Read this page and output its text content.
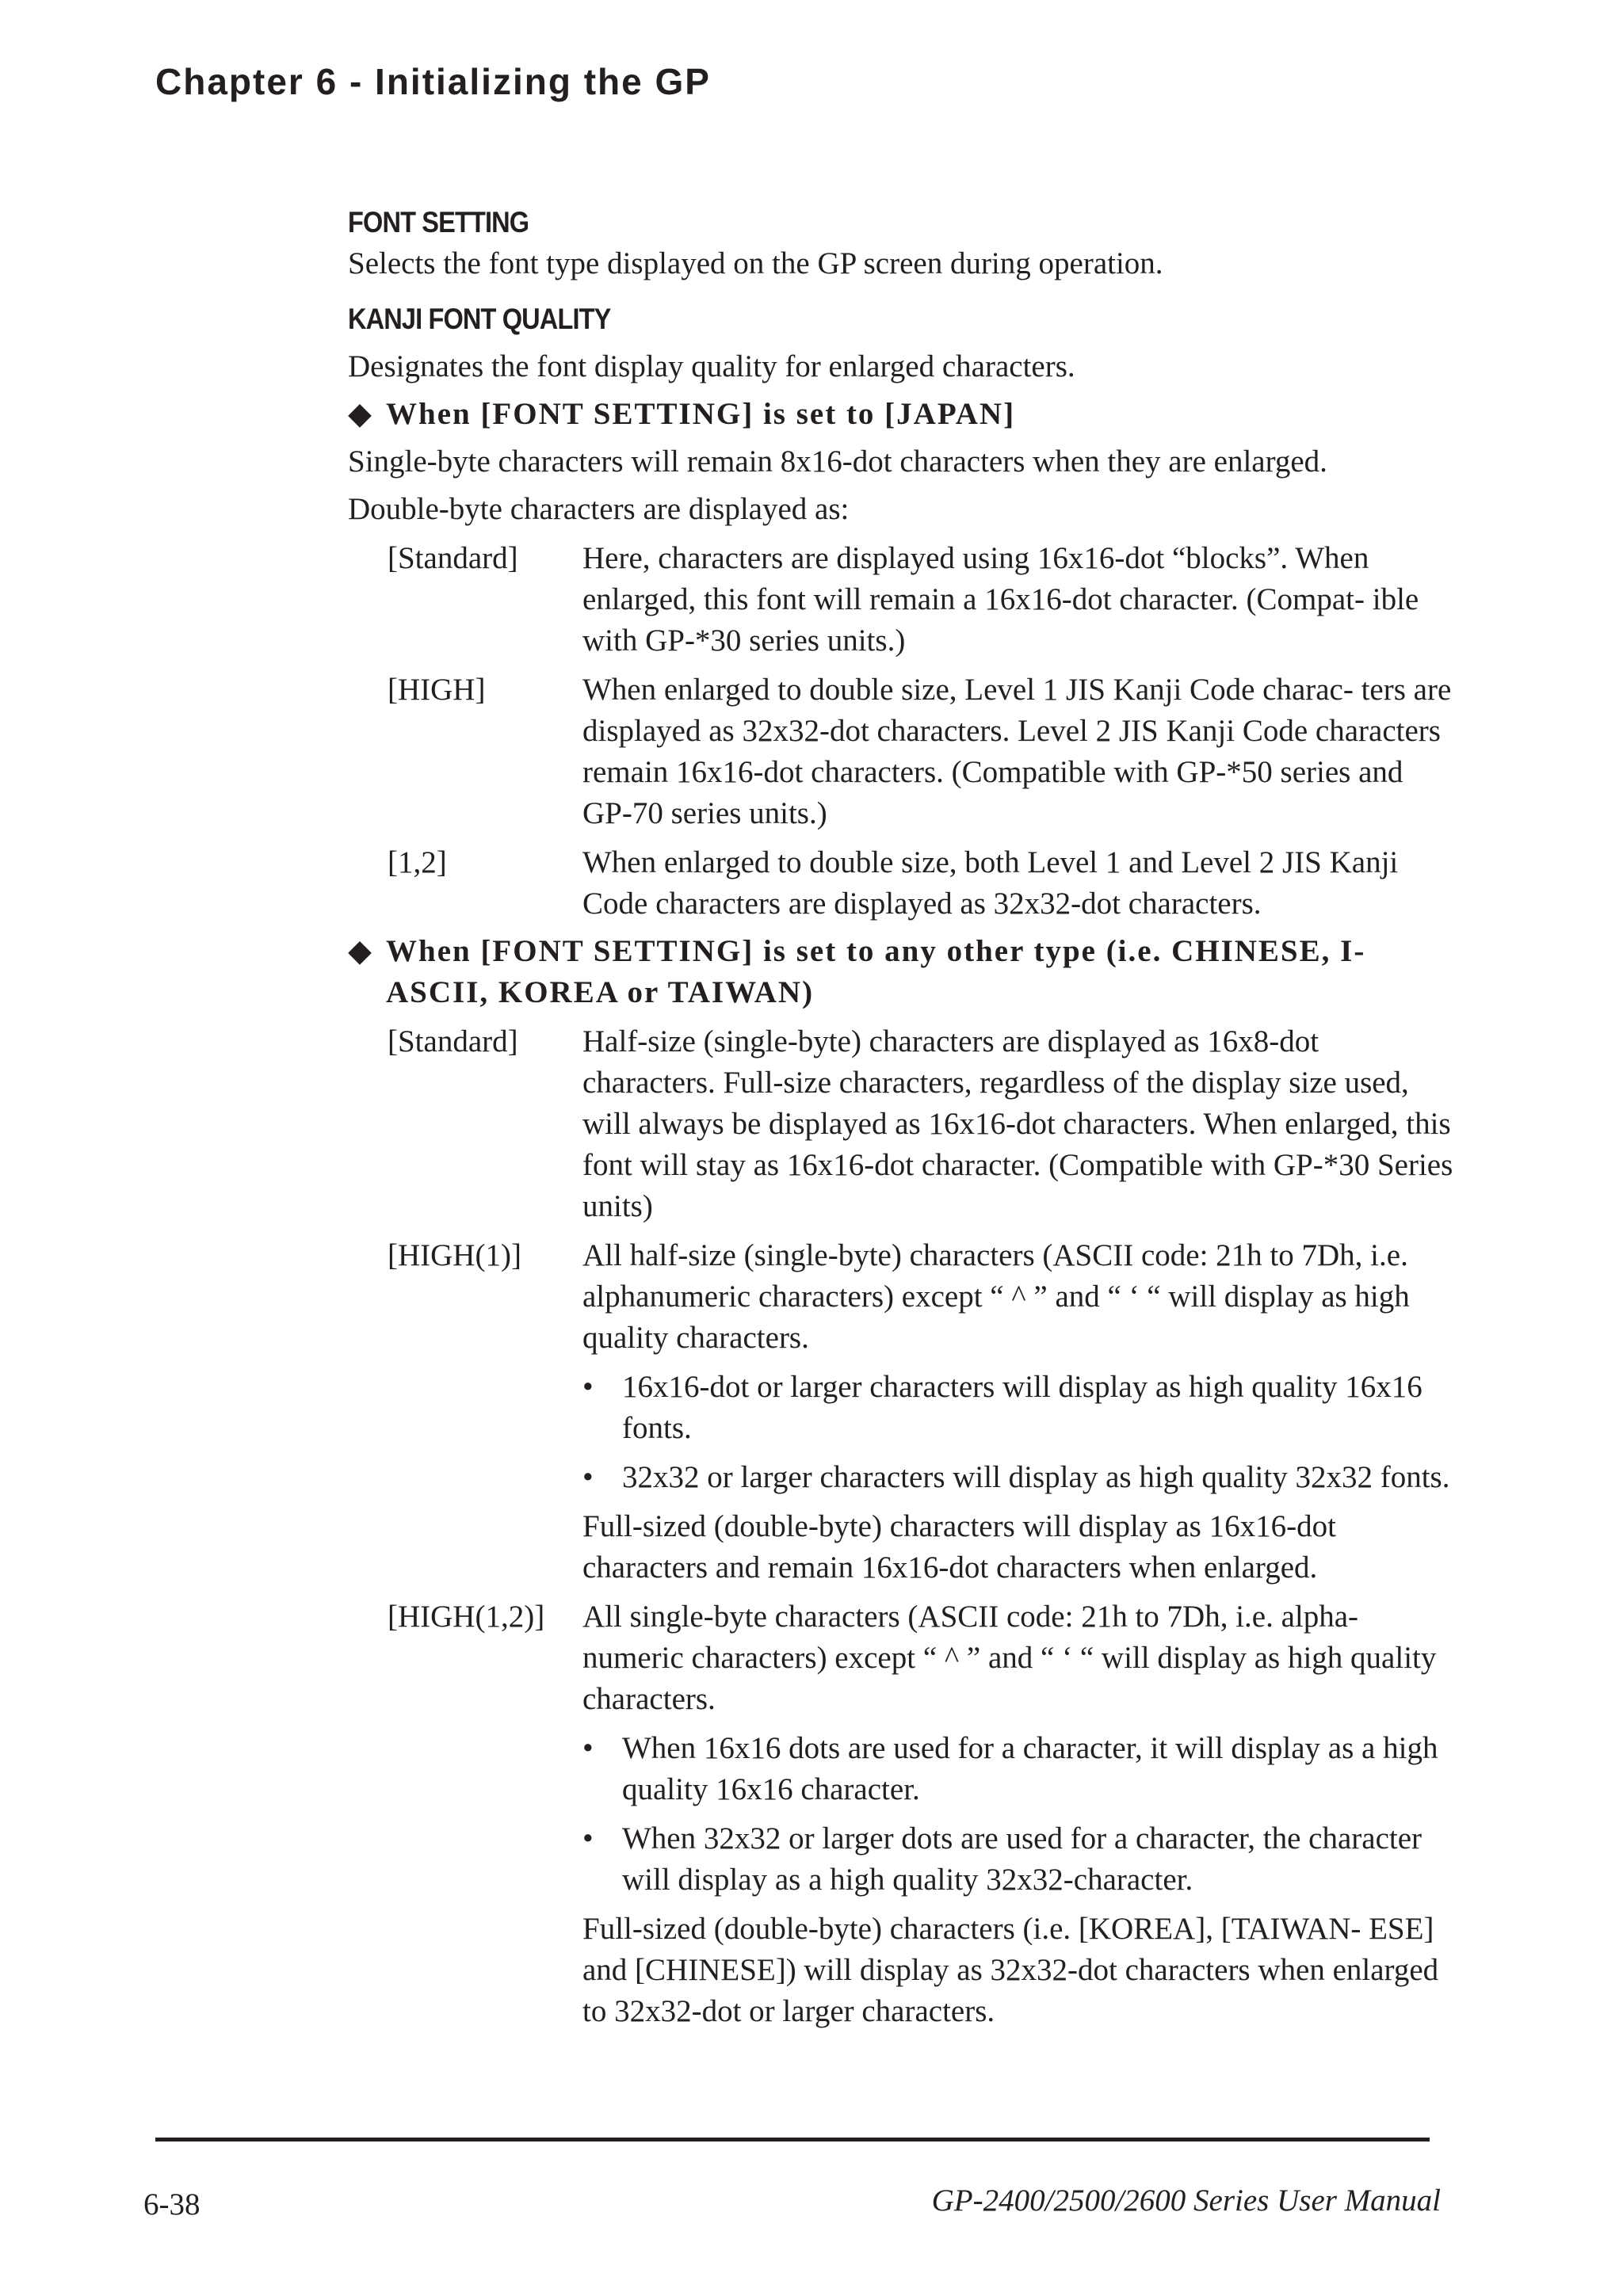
Chapter 6 - Initializing the GP
FONT SETTING

Selects the font type displayed on the GP screen during operation.

KANJI FONT QUALITY

Designates the font display quality for enlarged characters.

◆ When [FONT SETTING] is set to [JAPAN]

Single-byte characters will remain 8x16-dot characters when they are enlarged.

Double-byte characters are displayed as:

[Standard]	Here, characters are displayed using 16x16-dot “blocks”. When enlarged, this font will remain a 16x16-dot character. (Compat- ible with GP-*30 series units.)
[HIGH]	When enlarged to double size, Level 1 JIS Kanji Code charac- ters are displayed as 32x32-dot characters. Level 2 JIS Kanji Code characters remain 16x16-dot characters. (Compatible with GP-*50 series and GP-70 series units.)
[1,2]	When enlarged to double size, both Level 1 and Level 2 JIS Kanji Code characters are displayed as 32x32-dot characters.
◆ When [FONT SETTING] is set to any other type (i.e. CHINESE, I- ASCII, KOREA or TAIWAN)
[Standard]	Half-size (single-byte) characters are displayed as 16x8-dot characters. Full-size characters, regardless of the display size used, will always be displayed as 16x16-dot characters. When enlarged, this font will stay as 16x16-dot character. (Compatible with GP-*30 Series units)
[HIGH(1)]	All half-size (single-byte) characters (ASCII code: 21h to 7Dh, i.e. alphanumeric characters) except “ ^ ” and “ ‘ “ will display as high quality characters.
• 16x16-dot or larger characters will display as high quality 16x16 fonts.
• 32x32 or larger characters will display as high quality 32x32 fonts.
Full-sized (double-byte) characters will display as 16x16-dot characters and remain 16x16-dot characters when enlarged.
[HIGH(1,2)]	All single-byte characters (ASCII code: 21h to 7Dh, i.e. alpha- numeric characters) except “ ^ ” and “ ‘ “ will display as high quality characters.
• When 16x16 dots are used for a character, it will display as a high quality 16x16 character.
• When 32x32 or larger dots are used for a character, the character will display as a high quality 32x32-character.
Full-sized (double-byte) characters (i.e. [KOREA], [TAIWAN- ESE] and [CHINESE]) will display as 32x32-dot characters when enlarged to 32x32-dot or larger characters.
6-38	GP-2400/2500/2600 Series User Manual
